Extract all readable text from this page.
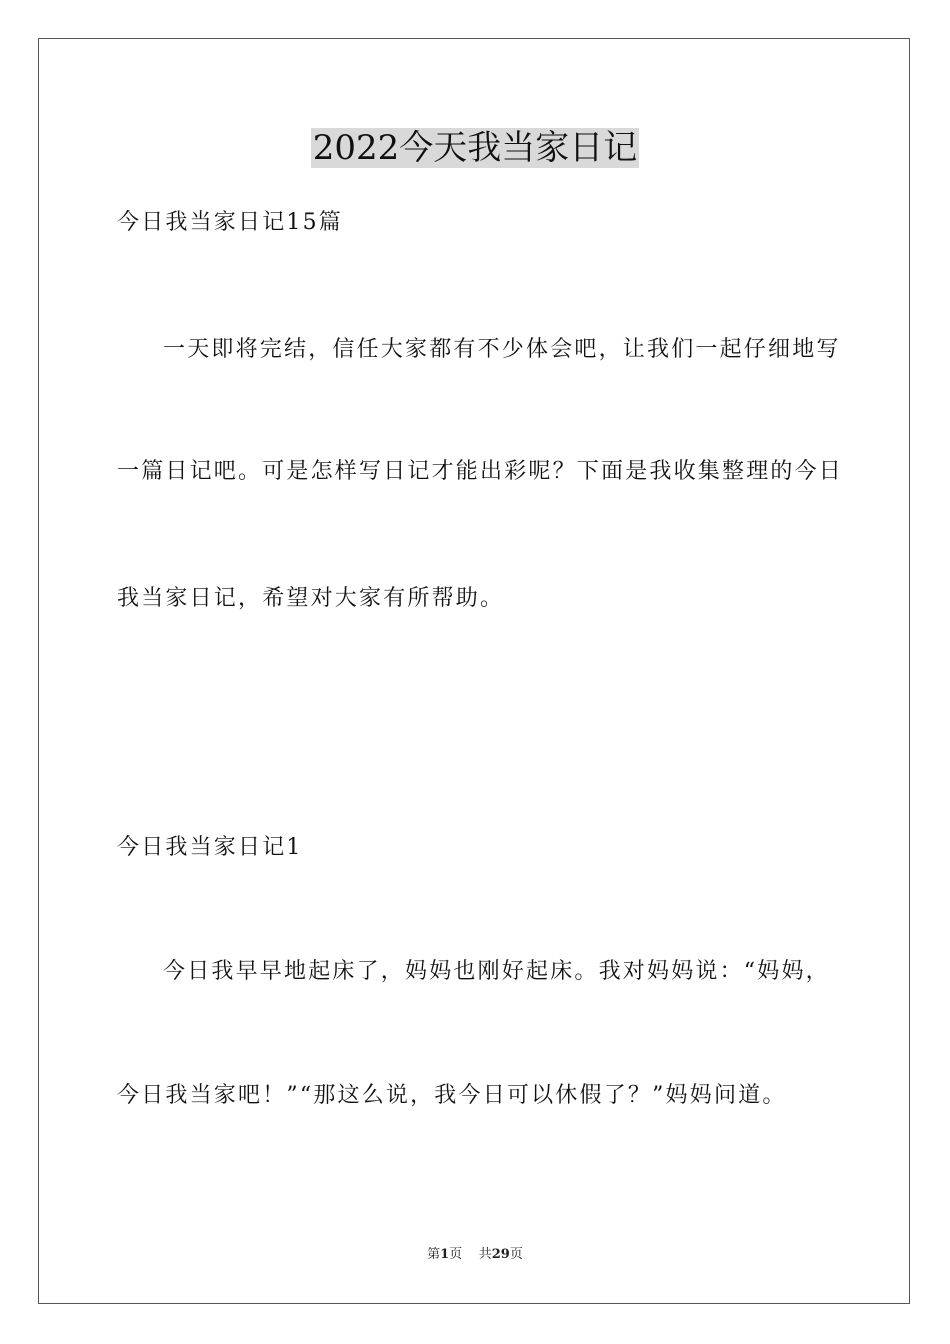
2022今天我当家日记
今日我当家日记15篇
一天即将完结，信任大家都有不少体会吧，让我们一起仔细地写
一篇日记吧。可是怎样写日记才能出彩呢？下面是我收集整理的今日
我当家日记，希望对大家有所帮助。
今日我当家日记1
今日我早早地起床了，妈妈也刚好起床。我对妈妈说：“妈妈，
今日我当家吧！”“那这么说，我今日可以休假了？”妈妈问道。
第1页 共29页
